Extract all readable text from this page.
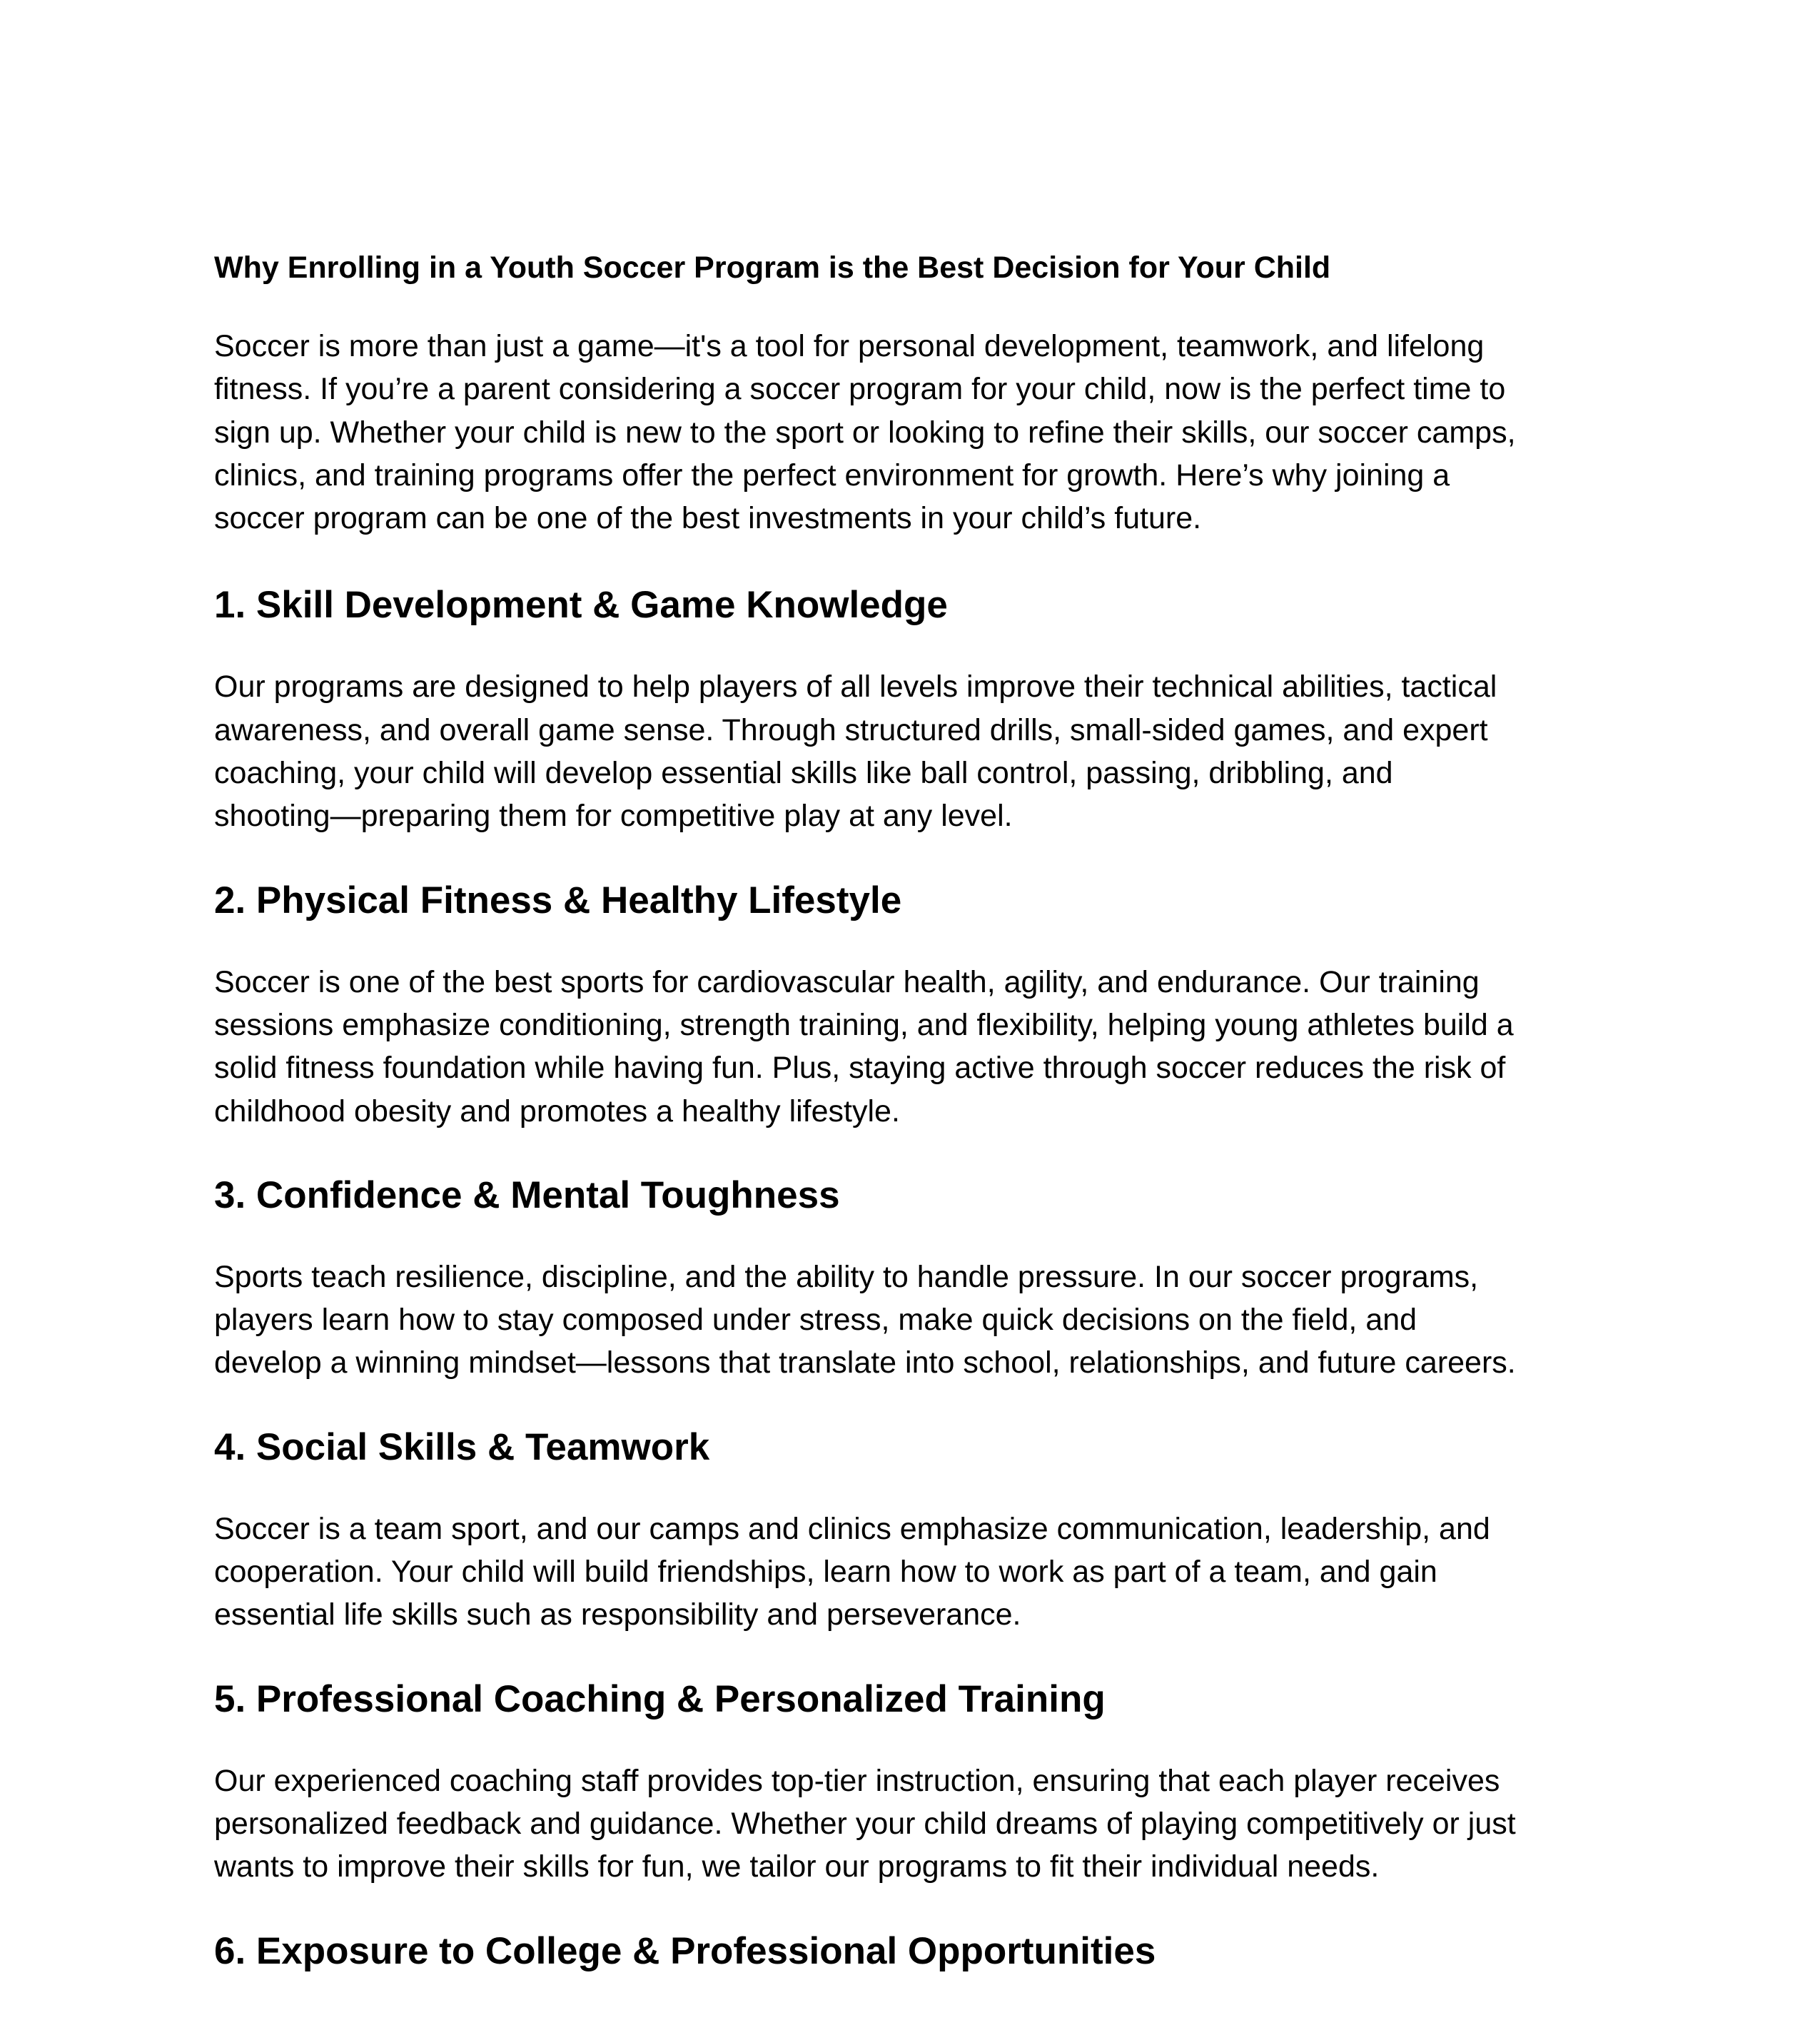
Why Enrolling in a Youth Soccer Program is the Best Decision for Your Child

Soccer is more than just a game—it's a tool for personal development, teamwork, and lifelong
fitness. If you’re a parent considering a soccer program for your child, now is the perfect time to
sign up. Whether your child is new to the sport or looking to refine their skills, our soccer camps,
clinics, and training programs offer the perfect environment for growth. Here’s why joining a
soccer program can be one of the best investments in your child’s future.

1. Skill Development & Game Knowledge

Our programs are designed to help players of all levels improve their technical abilities, tactical
awareness, and overall game sense. Through structured drills, small-sided games, and expert
coaching, your child will develop essential skills like ball control, passing, dribbling, and
shooting—preparing them for competitive play at any level.

2. Physical Fitness & Healthy Lifestyle

Soccer is one of the best sports for cardiovascular health, agility, and endurance. Our training
sessions emphasize conditioning, strength training, and flexibility, helping young athletes build a
solid fitness foundation while having fun. Plus, staying active through soccer reduces the risk of
childhood obesity and promotes a healthy lifestyle.

3. Confidence & Mental Toughness

Sports teach resilience, discipline, and the ability to handle pressure. In our soccer programs,
players learn how to stay composed under stress, make quick decisions on the field, and
develop a winning mindset—lessons that translate into school, relationships, and future careers.

4. Social Skills & Teamwork

Soccer is a team sport, and our camps and clinics emphasize communication, leadership, and
cooperation. Your child will build friendships, learn how to work as part of a team, and gain
essential life skills such as responsibility and perseverance.

5. Professional Coaching & Personalized Training

Our experienced coaching staff provides top-tier instruction, ensuring that each player receives
personalized feedback and guidance. Whether your child dreams of playing competitively or just
wants to improve their skills for fun, we tailor our programs to fit their individual needs.

6. Exposure to College & Professional Opportunities
